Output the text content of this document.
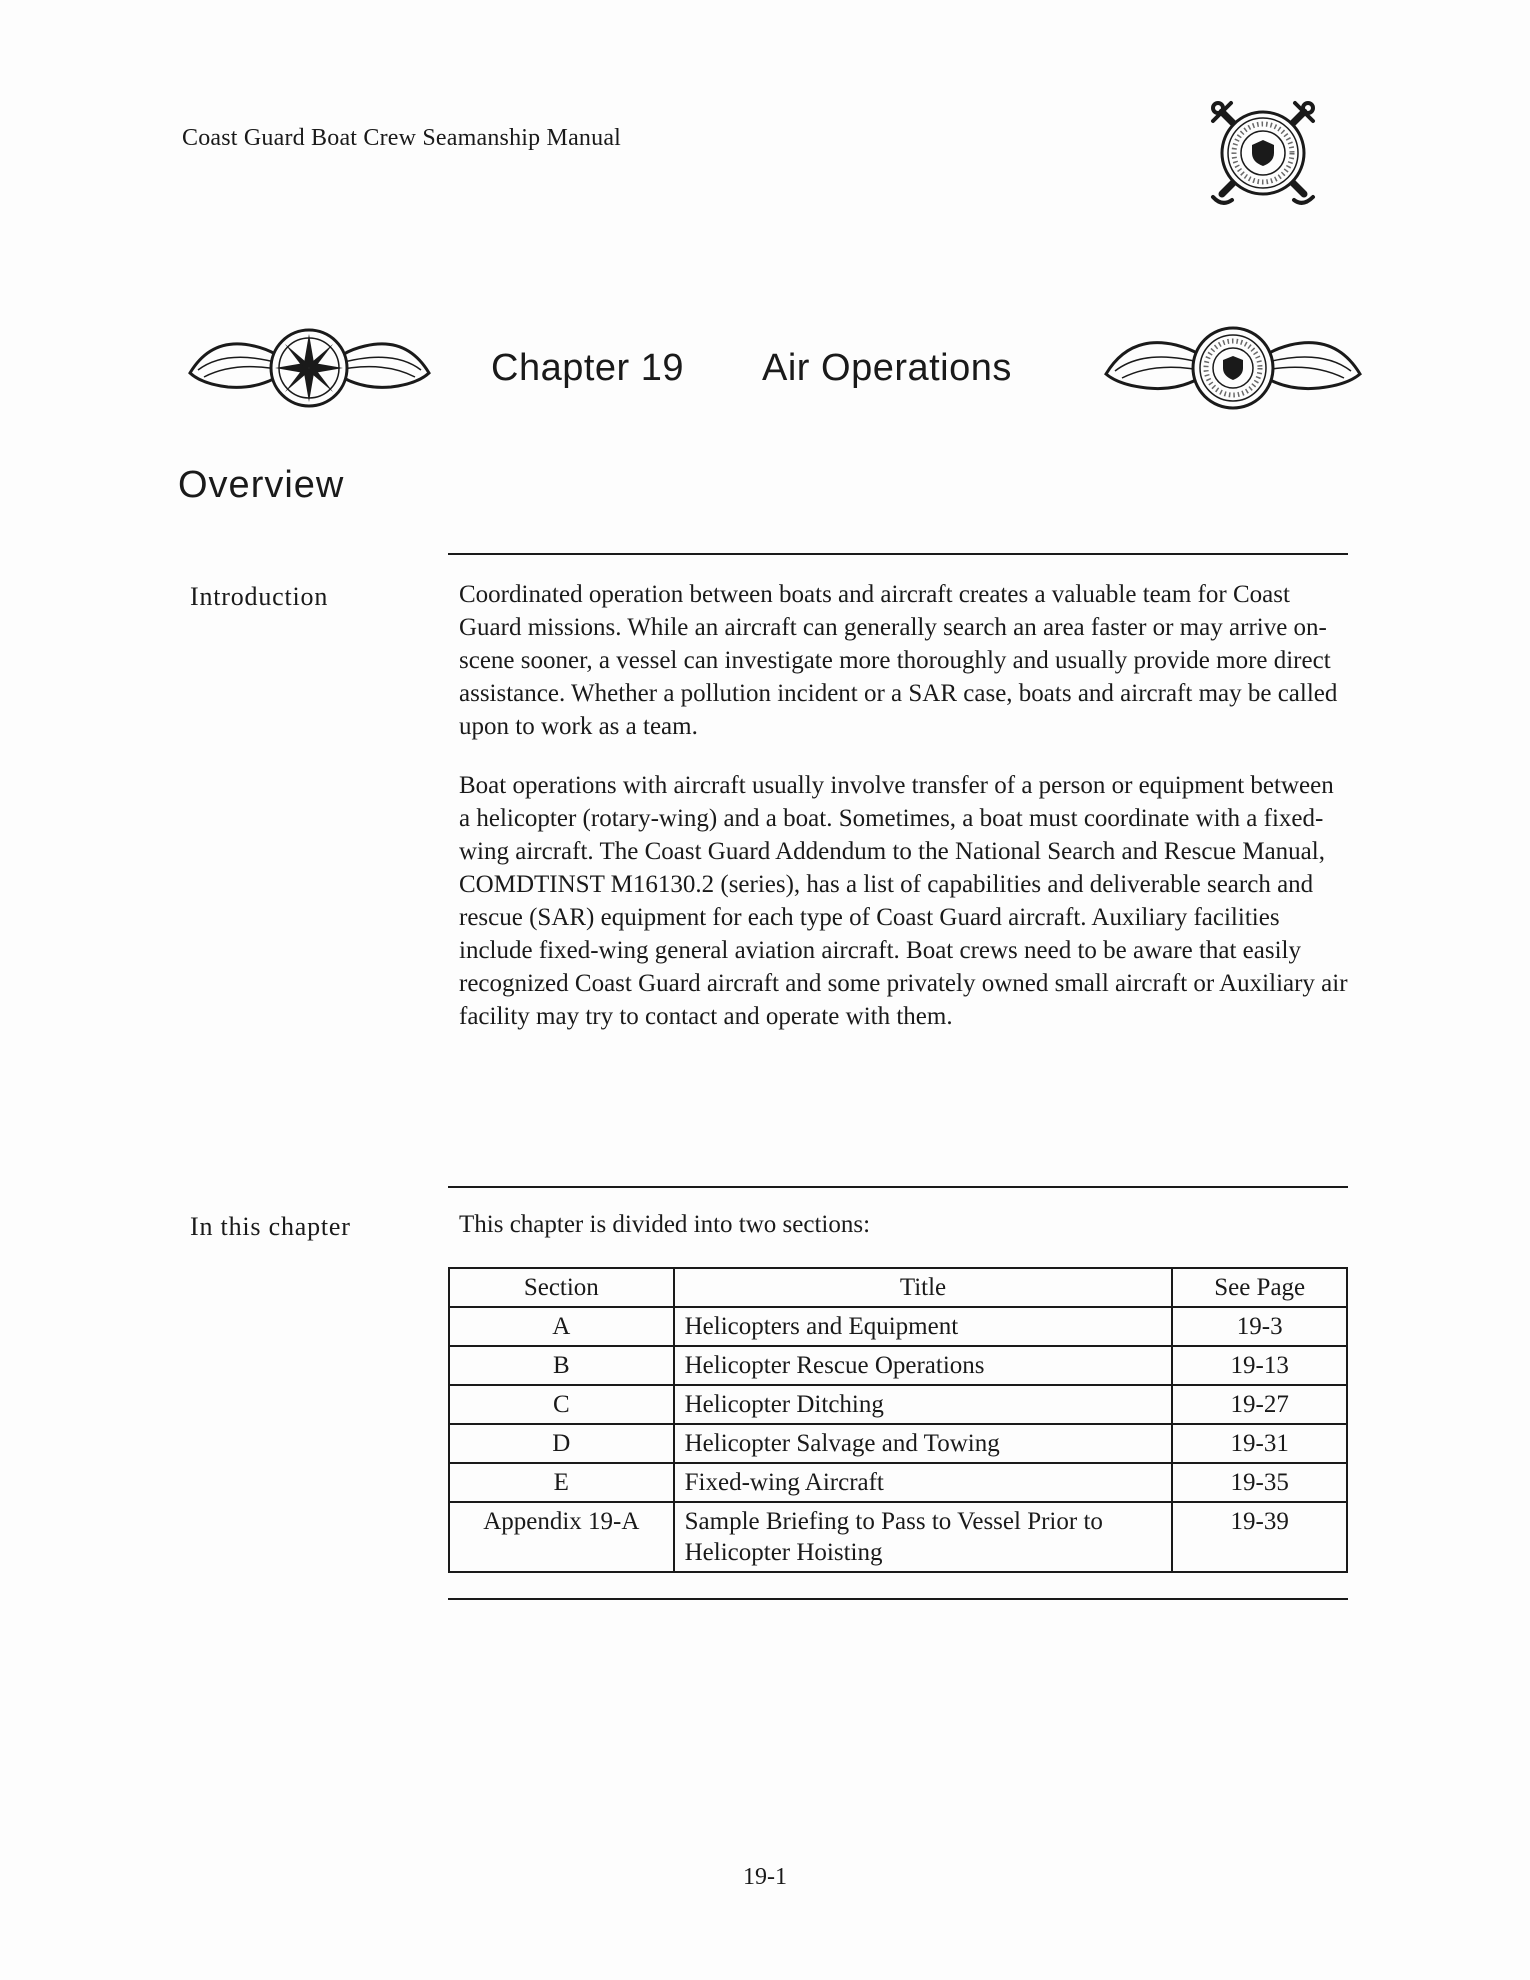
Coast Guard Boat Crew Seamanship Manual
Chapter 19 Air Operations
Overview
Introduction	Coordinated operation between boats and aircraft creates a valuable team for Coast Guard missions. While an aircraft can generally search an area faster or may arrive on-scene sooner, a vessel can investigate more thoroughly and usually provide more direct assistance. Whether a pollution incident or a SAR case, boats and aircraft may be called upon to work as a team.

Boat operations with aircraft usually involve transfer of a person or equipment between a helicopter (rotary-wing) and a boat. Sometimes, a boat must coordinate with a fixed-wing aircraft. The Coast Guard Addendum to the National Search and Rescue Manual, COMDTINST M16130.2 (series), has a list of capabilities and deliverable search and rescue (SAR) equipment for each type of Coast Guard aircraft. Auxiliary facilities include fixed-wing general aviation aircraft. Boat crews need to be aware that easily recognized Coast Guard aircraft and some privately owned small aircraft or Auxiliary air facility may try to contact and operate with them.

In this chapter	This chapter is divided into two sections:

Section	Title	See Page
A	Helicopters and Equipment	19-3
B	Helicopter Rescue Operations	19-13
C	Helicopter Ditching	19-27
D	Helicopter Salvage and Towing	19-31
E	Fixed-wing Aircraft	19-35
Appendix 19-A	Sample Briefing to Pass to Vessel Prior to Helicopter Hoisting	19-39
19-1
